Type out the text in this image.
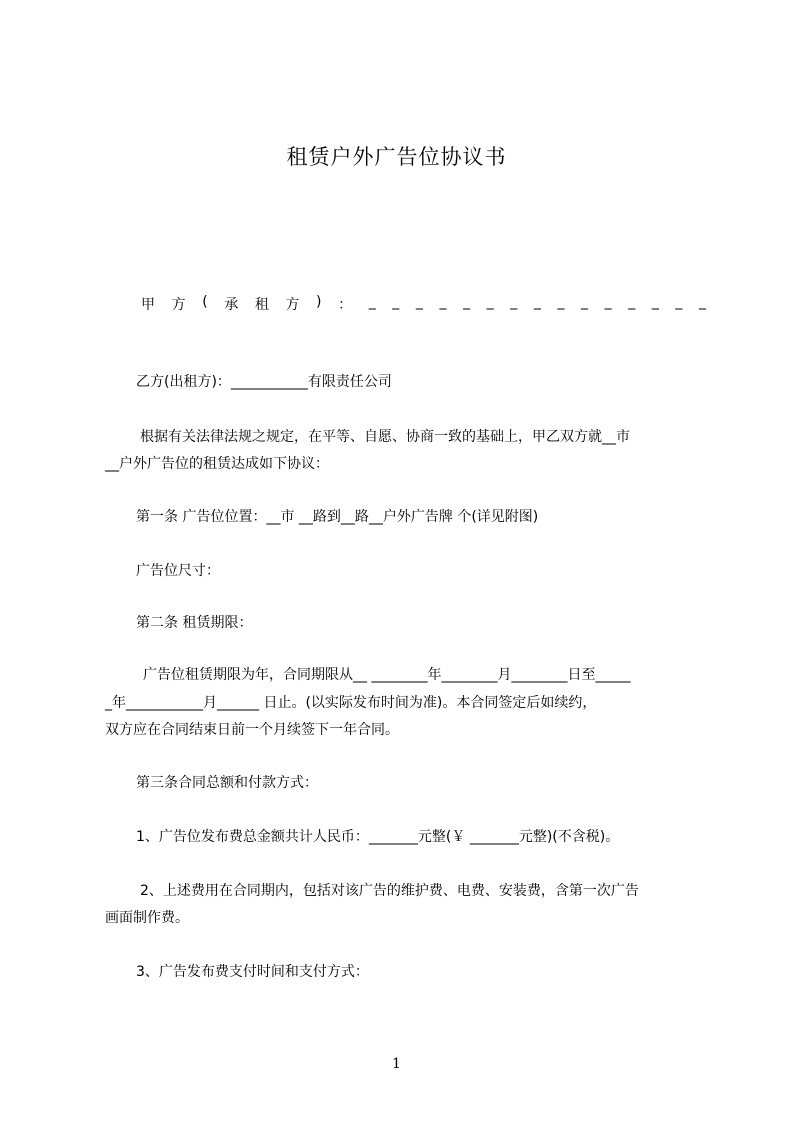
租赁户外广告位协议书
甲 方 ( 承 租 方 ) ： _ _ _ _ _ _ _ _ _ _ _ _ _ _ _
乙方(出租方)：___________有限责任公司
根据有关法律法规之规定，在平等、自愿、协商一致的基础上，甲乙双方就__市
__户外广告位的租赁达成如下协议：
第一条 广告位位置：__市 __路到__路__户外广告牌 个(详见附图)
广告位尺寸：
第二条 租赁期限：
广告位租赁期限为年，合同期限从__ ________年________月________日至_____
_年___________月______ 日止。(以实际发布时间为准)。本合同签定后如续约，
双方应在合同结束日前一个月续签下一年合同。
第三条合同总额和付款方式：
1、广告位发布费总金额共计人民币：_______元整(￥ _______元整)(不含税)。
2、上述费用在合同期内，包括对该广告的维护费、电费、安装费，含第一次广告
画面制作费。
3、广告发布费支付时间和支付方式：
1
